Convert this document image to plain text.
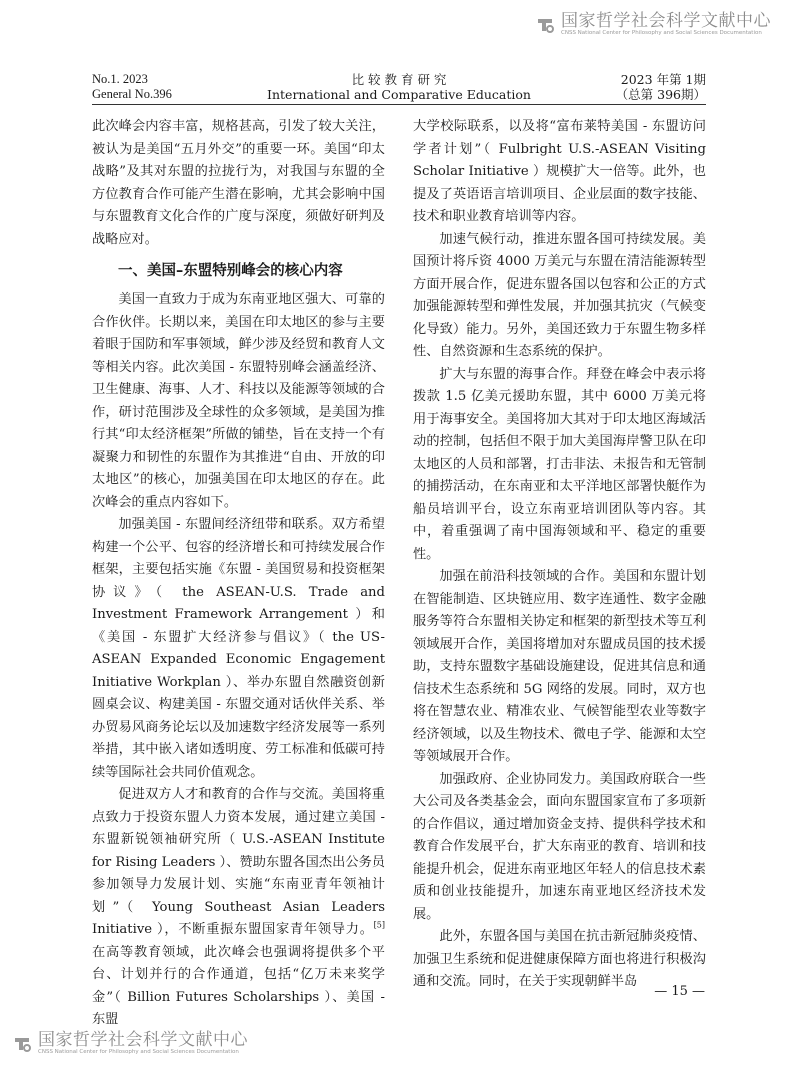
国家哲学社会科学文献中心
CNSS National Center for Philosophy and Social Sciences Documentation
No.1. 2023
General No.396
比 较 教 育 研 究
International and Comparative Education
2023 年第 1期
（总第 396期）

此次峰会内容丰富，规格甚高，引发了较大关注，被认为是美国“五月外交”的重要一环。美国“印太战略”及其对东盟的拉拢行为，对我国与东盟的全方位教育合作可能产生潜在影响，尤其会影响中国与东盟教育文化合作的广度与深度，须做好研判及战略应对。

一、美国–东盟特别峰会的核心内容

美国一直致力于成为东南亚地区强大、可靠的合作伙伴。长期以来，美国在印太地区的参与主要着眼于国防和军事领域，鲜少涉及经贸和教育人文等相关内容。此次美国 - 东盟特别峰会涵盖经济、卫生健康、海事、人才、科技以及能源等领域的合作，研讨范围涉及全球性的众多领域，是美国为推行其“印太经济框架”所做的铺垫，旨在支持一个有凝聚力和韧性的东盟作为其推进“自由、开放的印太地区”的核心，加强美国在印太地区的存在。此次峰会的重点内容如下。

加强美国 - 东盟间经济纽带和联系。双方希望构建一个公平、包容的经济增长和可持续发展合作框架，主要包括实施《东盟 - 美国贸易和投资框架协议》（ the ASEAN-U.S. Trade and Investment Framework Arrangement ）和《美国 - 东盟扩大经济参与倡议》（ the US-ASEAN Expanded Economic Engagement Initiative Workplan ）、举办东盟自然融资创新圆桌会议、构建美国 - 东盟交通对话伙伴关系、举办贸易风商务论坛以及加速数字经济发展等一系列举措，其中嵌入诸如透明度、劳工标准和低碳可持续等国际社会共同价值观念。

促进双方人才和教育的合作与交流。美国将重点致力于投资东盟人力资本发展，通过建立美国 - 东盟新锐领袖研究所（ U.S.-ASEAN Institute for Rising Leaders ）、赞助东盟各国杰出公务员参加领导力发展计划、实施“东南亚青年领袖计划”（ Young Southeast Asian Leaders Initiative ），不断重振东盟国家青年领导力。[5]在高等教育领域，此次峰会也强调将提供多个平台、计划并行的合作通道，包括“亿万未来奖学金”（ Billion Futures Scholarships ）、美国 - 东盟

大学校际联系，以及将“富布莱特美国 - 东盟访问学者计划”（ Fulbright U.S.-ASEAN Visiting Scholar Initiative ）规模扩大一倍等。此外，也提及了英语语言培训项目、企业层面的数字技能、技术和职业教育培训等内容。

加速气候行动，推进东盟各国可持续发展。美国预计将斥资 4000 万美元与东盟在清洁能源转型方面开展合作，促进东盟各国以包容和公正的方式加强能源转型和弹性发展，并加强其抗灾（气候变化导致）能力。另外，美国还致力于东盟生物多样性、自然资源和生态系统的保护。

扩大与东盟的海事合作。拜登在峰会中表示将拨款 1.5 亿美元援助东盟，其中 6000 万美元将用于海事安全。美国将加大其对于印太地区海域活动的控制，包括但不限于加大美国海岸警卫队在印太地区的人员和部署，打击非法、未报告和无管制的捕捞活动，在东南亚和太平洋地区部署快艇作为船员培训平台，设立东南亚培训团队等内容。其中，着重强调了南中国海领域和平、稳定的重要性。

加强在前沿科技领域的合作。美国和东盟计划在智能制造、区块链应用、数字连通性、数字金融服务等符合东盟相关协定和框架的新型技术等互利领域展开合作，美国将增加对东盟成员国的技术援助，支持东盟数字基础设施建设，促进其信息和通信技术生态系统和 5G 网络的发展。同时，双方也将在智慧农业、精准农业、气候智能型农业等数字经济领域，以及生物技术、微电子学、能源和太空等领域展开合作。

加强政府、企业协同发力。美国政府联合一些大公司及各类基金会，面向东盟国家宣布了多项新的合作倡议，通过增加资金支持、提供科学技术和教育合作发展平台，扩大东南亚的教育、培训和技能提升机会，促进东南亚地区年轻人的信息技术素质和创业技能提升，加速东南亚地区经济技术发展。

此外，东盟各国与美国在抗击新冠肺炎疫情、加强卫生系统和促进健康保障方面也将进行积极沟通和交流。同时，在关于实现朝鲜半岛

— 15 —
国家哲学社会科学文献中心
CNSS National Center for Philosophy and Social Sciences Documentation
